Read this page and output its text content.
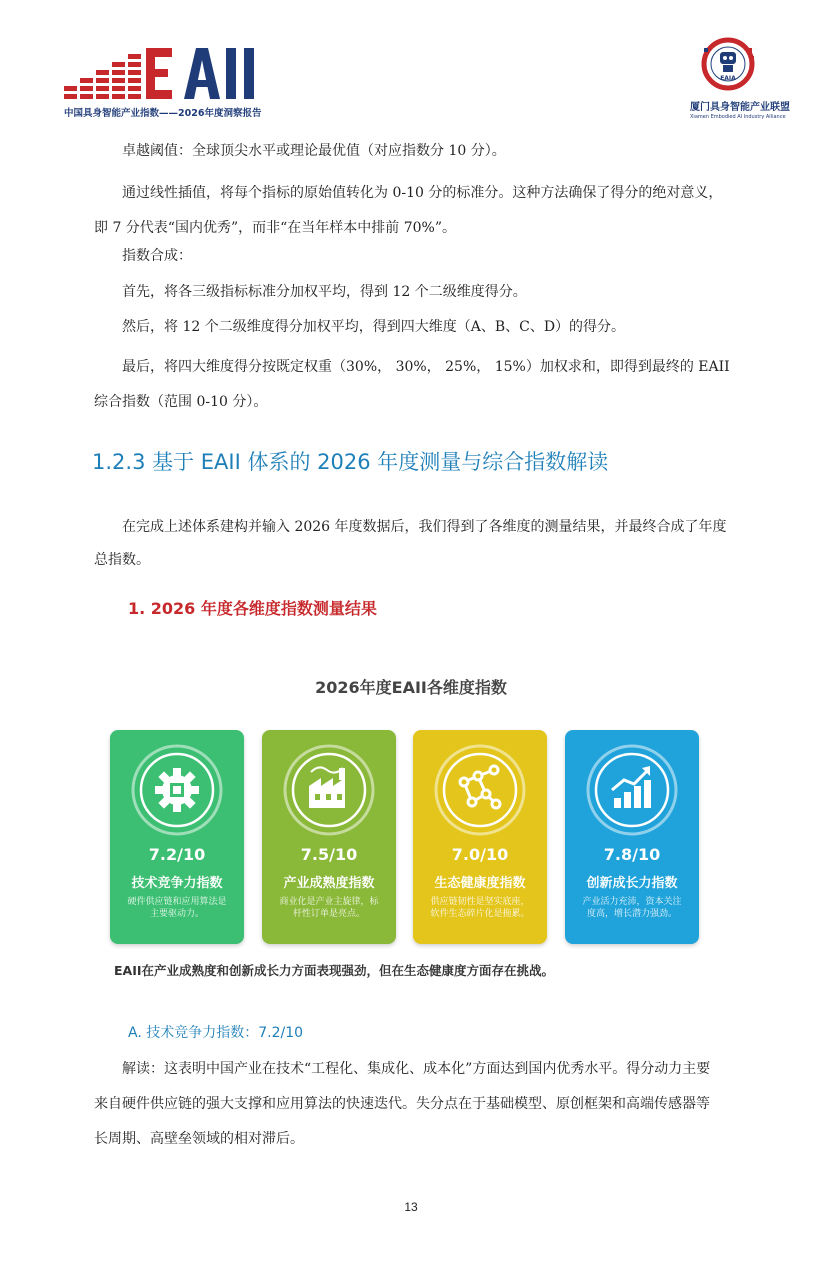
中国具身智能产业指数——2026年度洞察报告
EAIA
厦门具身智能产业联盟
Xiamen Embodied AI Industry Alliance
卓越阈值：全球顶尖水平或理论最优值（对应指数分 10 分）。
通过线性插值，将每个指标的原始值转化为 0-10 分的标准分。这种方法确保了得分的绝对意义，即 7 分代表“国内优秀”，而非“在当年样本中排前 70%”。
指数合成：
首先，将各三级指标标准分加权平均，得到 12 个二级维度得分。
然后，将 12 个二级维度得分加权平均，得到四大维度（A、B、C、D）的得分。
最后，将四大维度得分按既定权重（30%， 30%， 25%， 15%）加权求和，即得到最终的 EAII 综合指数（范围 0-10 分）。
1.2.3 基于 EAII 体系的 2026 年度测量与综合指数解读
在完成上述体系建构并输入 2026 年度数据后，我们得到了各维度的测量结果，并最终合成了年度总指数。
1. 2026 年度各维度指数测量结果
2026年度EAII各维度指数
7.2/10
技术竞争力指数
硬件供应链和应用算法是主要驱动力。
7.5/10
产业成熟度指数
商业化是产业主旋律，标杆性订单是亮点。
7.0/10
生态健康度指数
供应链韧性是坚实底座，软件生态碎片化是拖累。
7.8/10
创新成长力指数
产业活力充沛，资本关注度高，增长潜力强劲。
EAII在产业成熟度和创新成长力方面表现强劲，但在生态健康度方面存在挑战。
A. 技术竞争力指数：7.2/10
解读：这表明中国产业在技术“工程化、集成化、成本化”方面达到国内优秀水平。得分动力主要来自硬件供应链的强大支撑和应用算法的快速迭代。失分点在于基础模型、原创框架和高端传感器等长周期、高壁垒领域的相对滞后。
13
